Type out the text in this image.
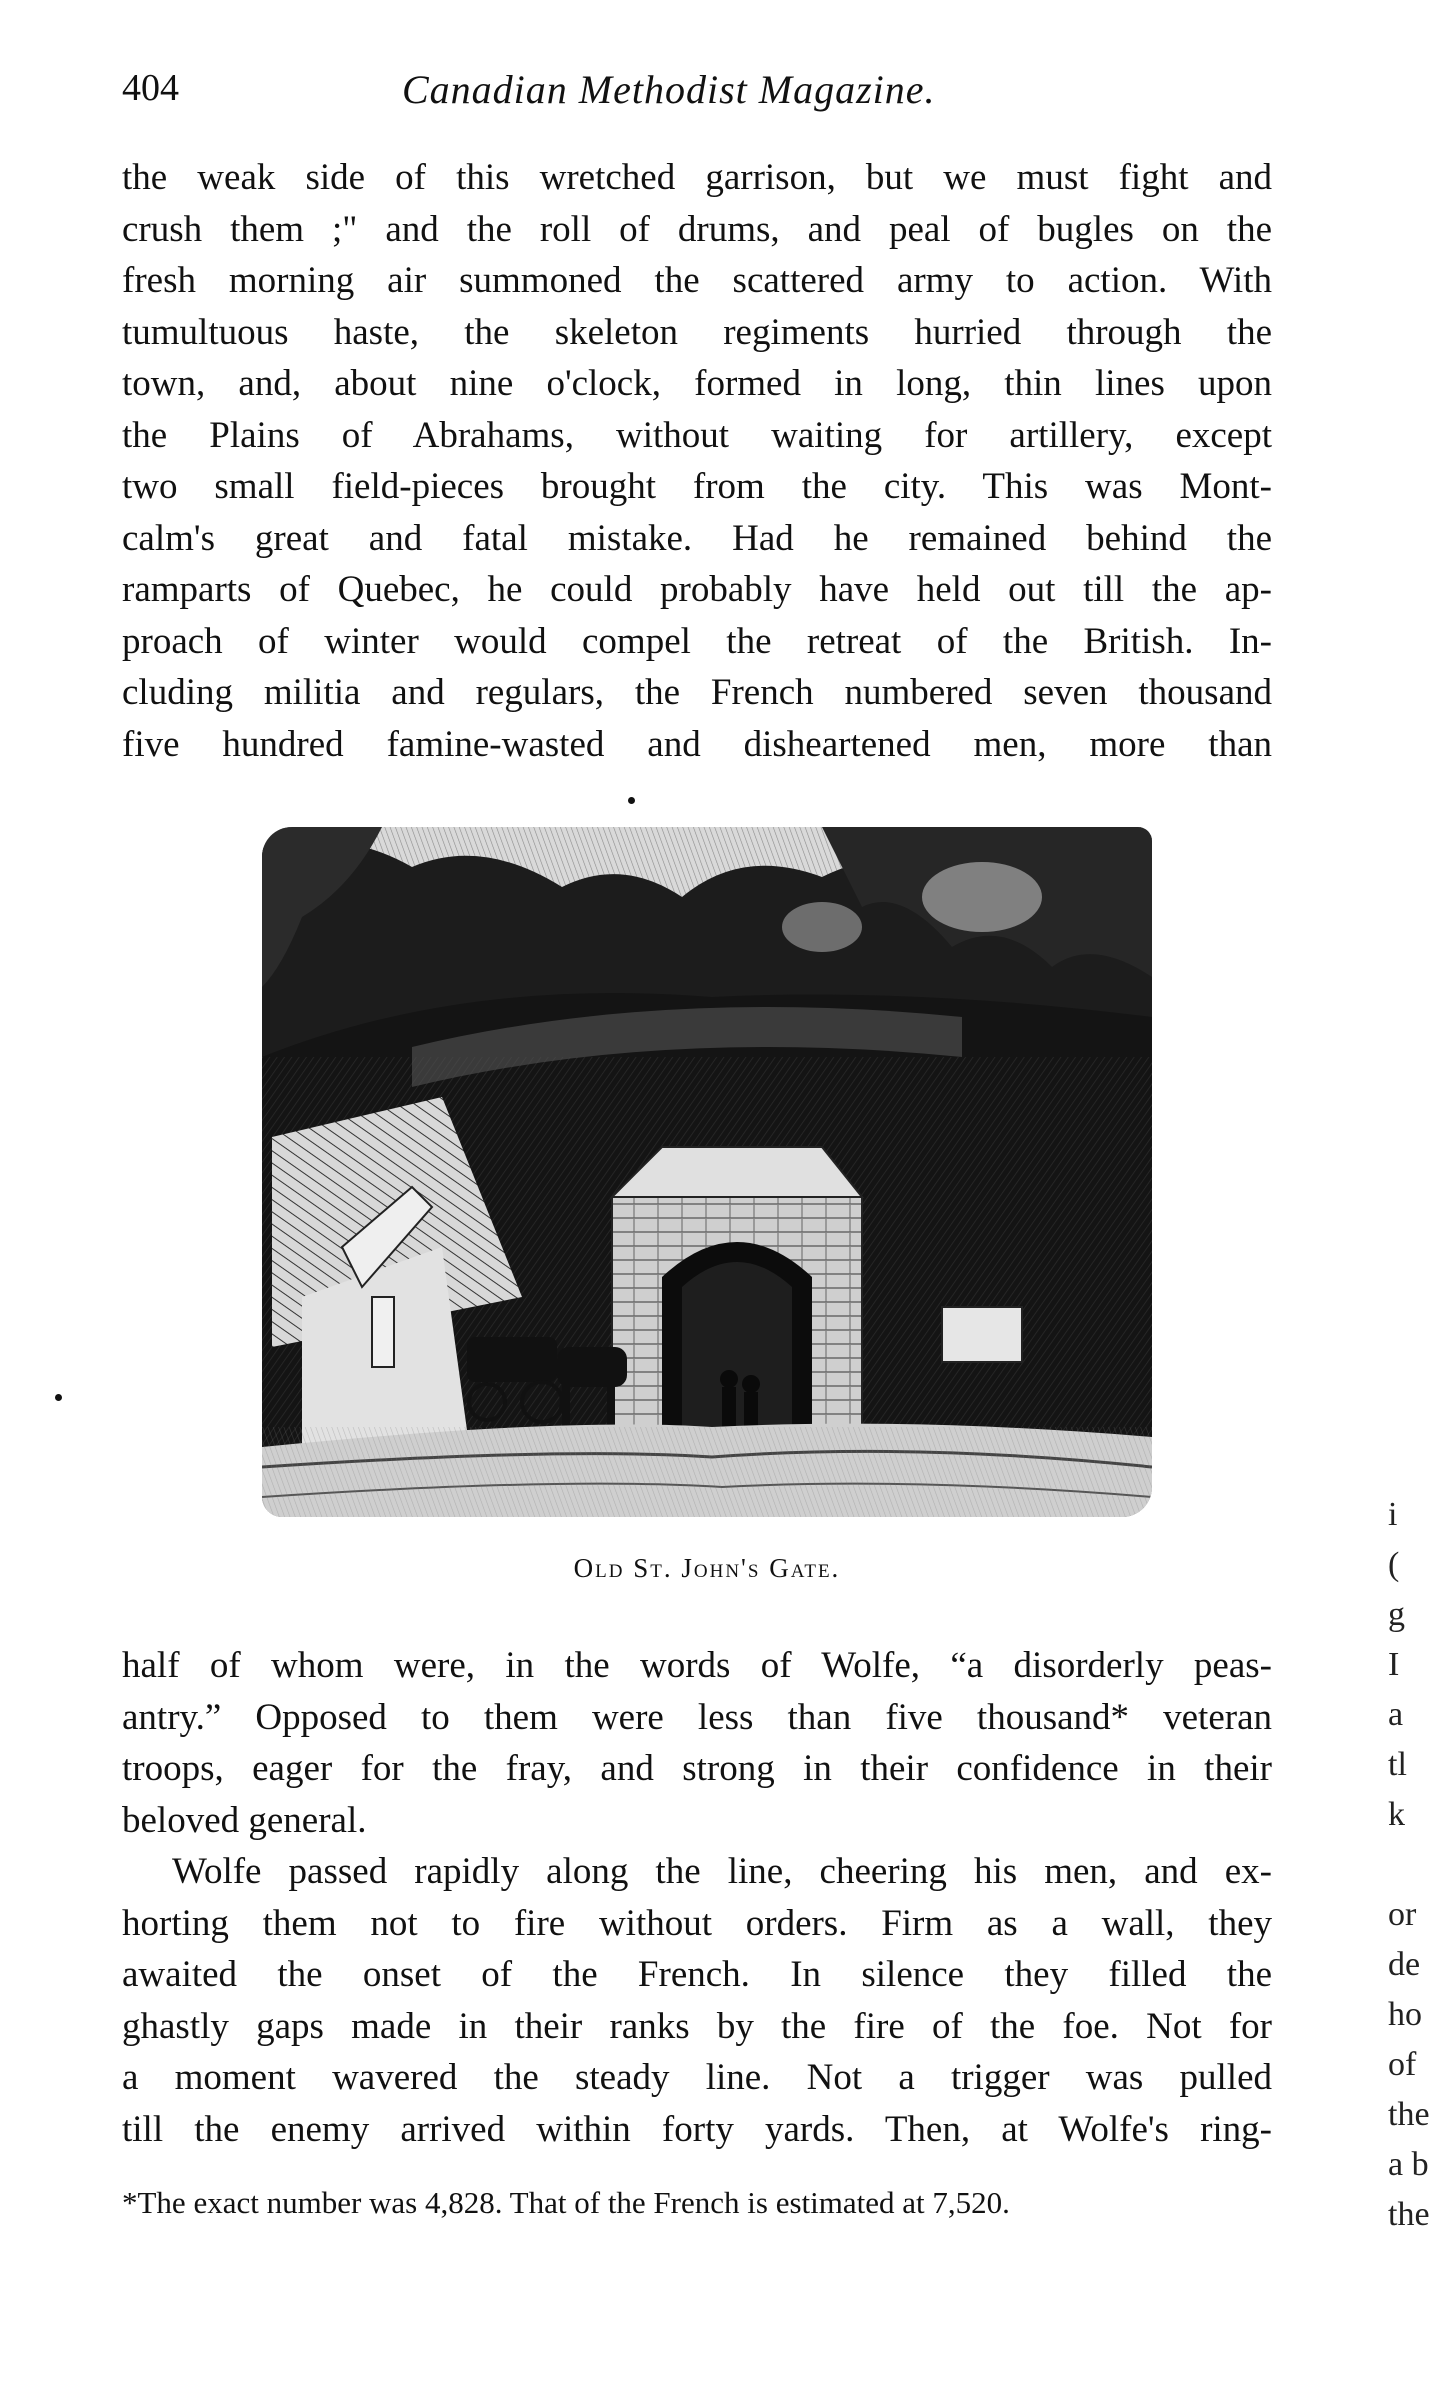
404	Canadian Methodist Magazine.
the weak side of this wretched garrison, but we must fight and
crush them ;" and the roll of drums, and peal of bugles on the
fresh morning air summoned the scattered army to action. With
tumultuous haste, the skeleton regiments hurried through the
town, and, about nine o'clock, formed in long, thin lines upon
the Plains of Abrahams, without waiting for artillery, except
two small field-pieces brought from the city. This was Mont-
calm's great and fatal mistake. Had he remained behind the
ramparts of Quebec, he could probably have held out till the ap-
proach of winter would compel the retreat of the British. In-
cluding militia and regulars, the French numbered seven thousand
five hundred famine-wasted and disheartened men, more than
Old St. John's Gate.
half of whom were, in the words of Wolfe, “a disorderly peas-
antry.” Opposed to them were less than five thousand* veteran
troops, eager for the fray, and strong in their confidence in their
beloved general.
Wolfe passed rapidly along the line, cheering his men, and ex-
horting them not to fire without orders. Firm as a wall, they
awaited the onset of the French. In silence they filled the
ghastly gaps made in their ranks by the fire of the foe. Not for
a moment wavered the steady line. Not a trigger was pulled
till the enemy arrived within forty yards. Then, at Wolfe's ring-
*The exact number was 4,828. That of the French is estimated at 7,520.
i
(
g
I
a
tl
k
or
de
ho
of
the
a b
the
